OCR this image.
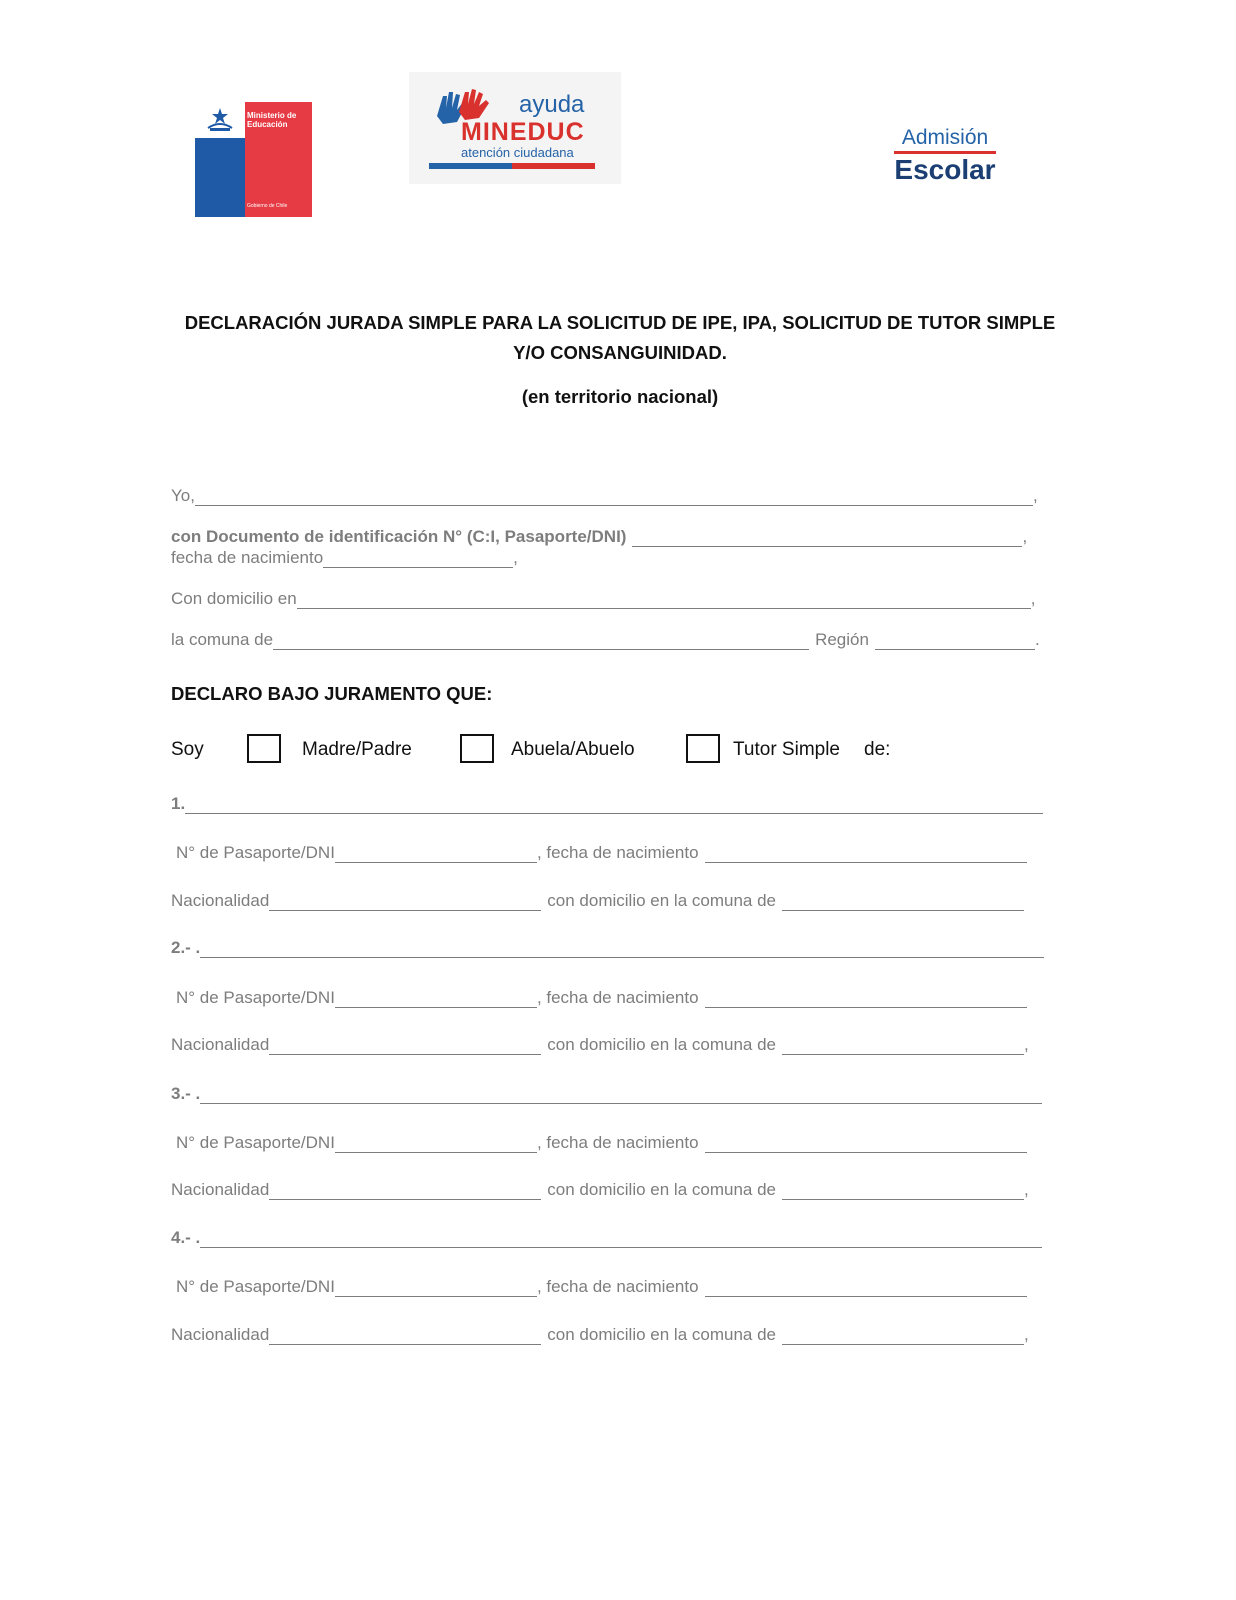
Ministerio de
Educación
Gobierno de Chile
ayuda
MINEDUC
atención ciudadana
Admisión
Escolar
DECLARACIÓN JURADA SIMPLE PARA LA SOLICITUD DE IPE, IPA, SOLICITUD DE TUTOR SIMPLE
Y/O CONSANGUINIDAD.
(en territorio nacional)
Yo,	,
con Documento de identificación N° (C:I, Pasaporte/DNI)	,
fecha de nacimiento	,
Con domicilio en	,
la comuna de	Región	.
DECLARO BAJO JURAMENTO QUE:
Soy	Madre/Padre	Abuela/Abuelo	Tutor Simple de:
1.
N° de Pasaporte/DNI	, fecha de nacimiento
Nacionalidad	con domicilio en la comuna de
2.- .
N° de Pasaporte/DNI	, fecha de nacimiento
Nacionalidad	con domicilio en la comuna de	,
3.- .
N° de Pasaporte/DNI	, fecha de nacimiento
Nacionalidad	con domicilio en la comuna de	,
4.- .
N° de Pasaporte/DNI	, fecha de nacimiento
Nacionalidad	con domicilio en la comuna de	,
